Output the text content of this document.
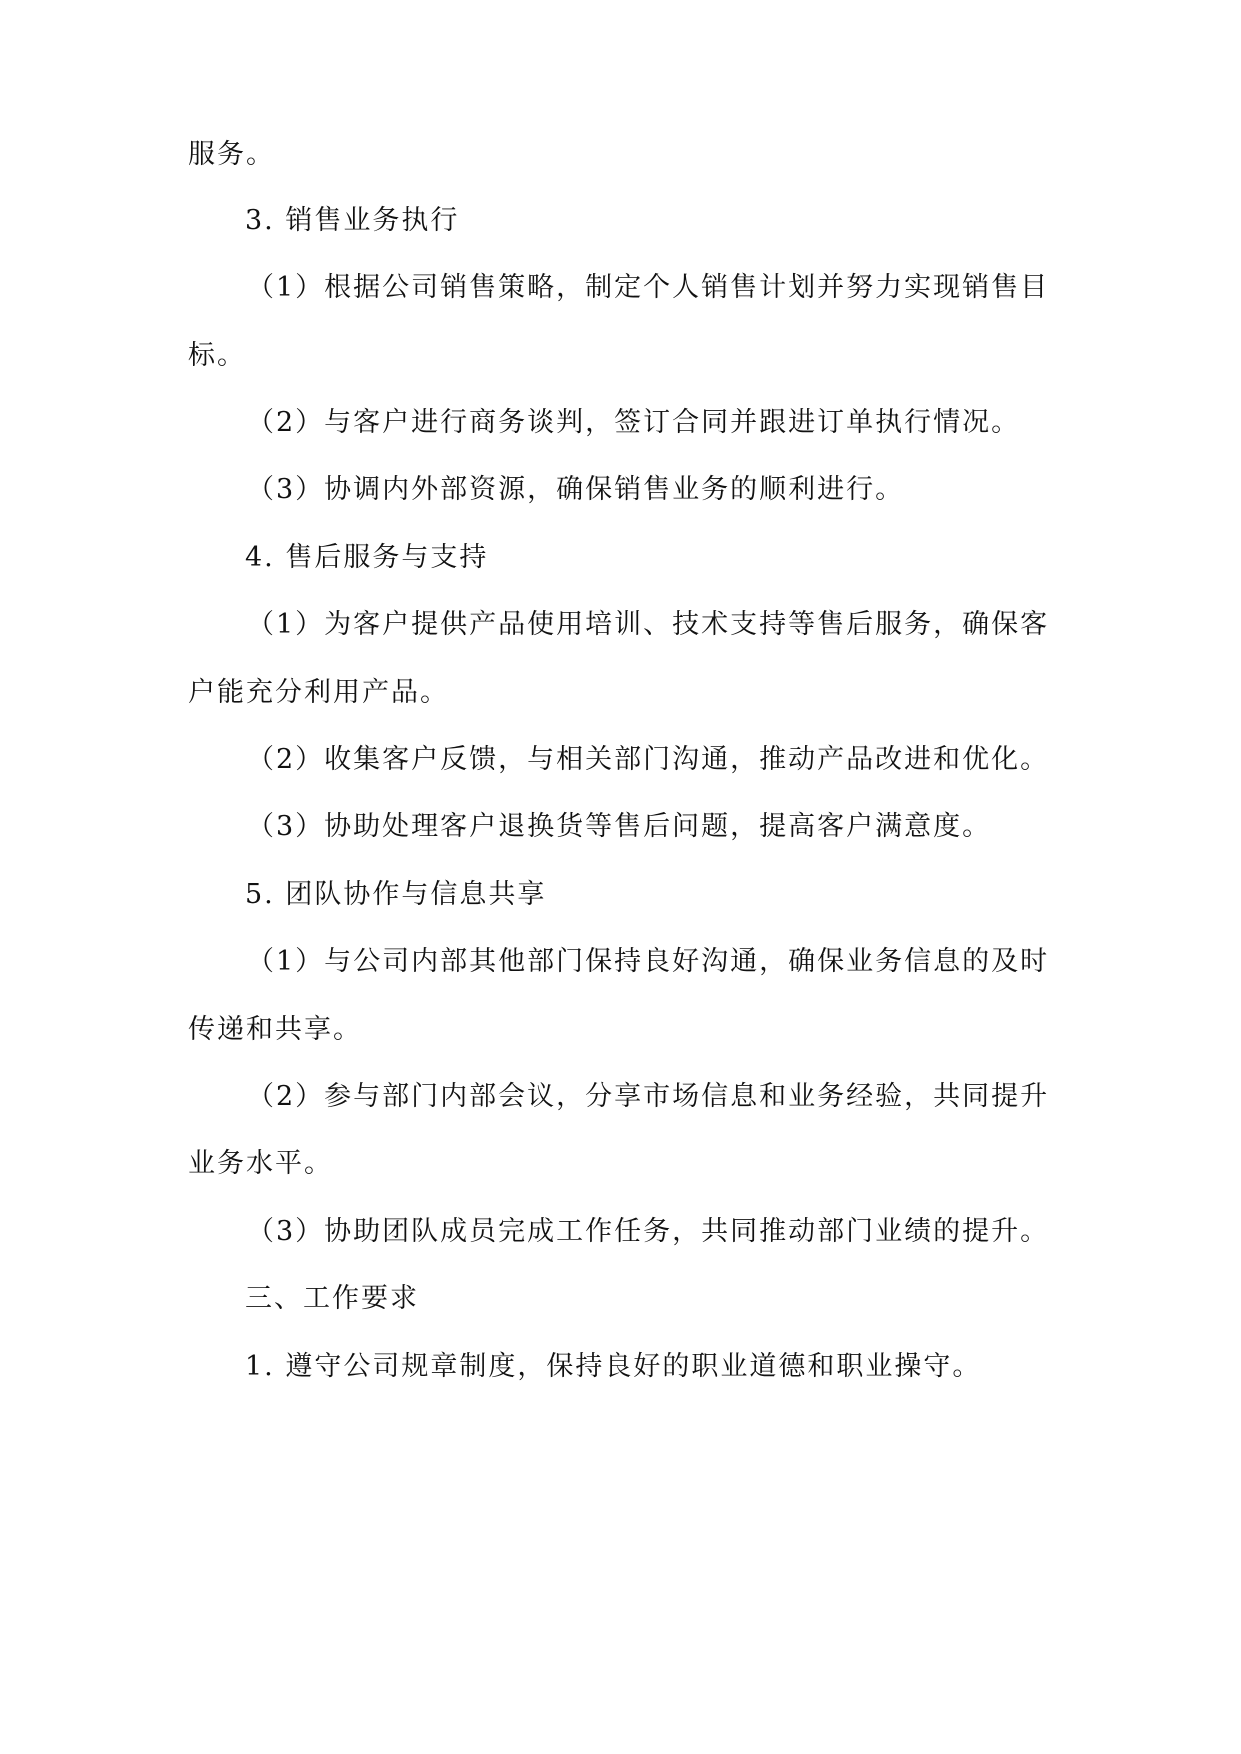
服务。

3. 销售业务执行

（1）根据公司销售策略，制定个人销售计划并努力实现销售目

标。

（2）与客户进行商务谈判，签订合同并跟进订单执行情况。

（3）协调内外部资源，确保销售业务的顺利进行。

4. 售后服务与支持

（1）为客户提供产品使用培训、技术支持等售后服务，确保客

户能充分利用产品。

（2）收集客户反馈，与相关部门沟通，推动产品改进和优化。

（3）协助处理客户退换货等售后问题，提高客户满意度。

5. 团队协作与信息共享

（1）与公司内部其他部门保持良好沟通，确保业务信息的及时

传递和共享。

（2）参与部门内部会议，分享市场信息和业务经验，共同提升

业务水平。

（3）协助团队成员完成工作任务，共同推动部门业绩的提升。

三、工作要求

1. 遵守公司规章制度，保持良好的职业道德和职业操守。
